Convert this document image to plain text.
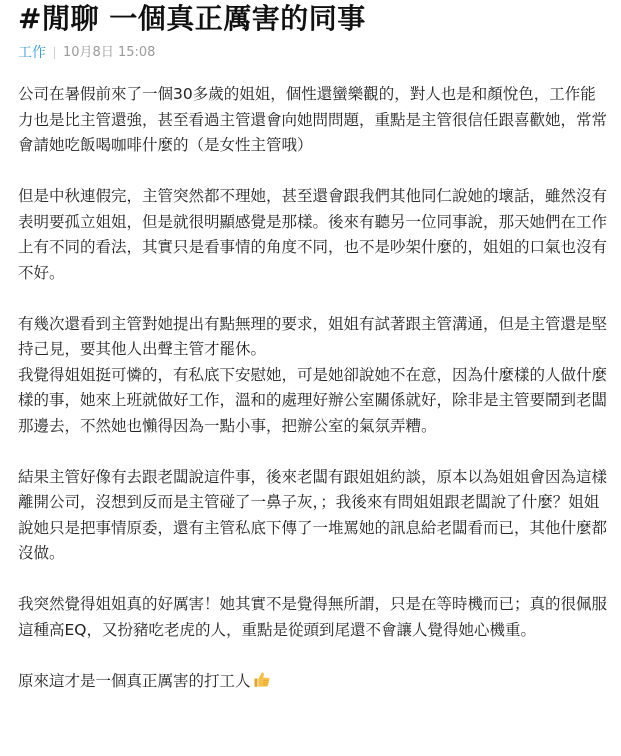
#閒聊 一個真正厲害的同事
工作 10月8日 15:08

公司在暑假前來了一個30多歲的姐姐，個性還蠻樂觀的，對人也是和顏悅色，工作能力也是比主管還強，甚至看過主管還會向她問問題，重點是主管很信任跟喜歡她，常常會請她吃飯喝咖啡什麼的（是女性主管哦）

但是中秋連假完，主管突然都不理她，甚至還會跟我們其他同仁說她的壞話，雖然沒有表明要孤立姐姐，但是就很明顯感覺是那樣。後來有聽另一位同事說，那天她們在工作上有不同的看法，其實只是看事情的角度不同，也不是吵架什麼的，姐姐的口氣也沒有不好。

有幾次還看到主管對她提出有點無理的要求，姐姐有試著跟主管溝通，但是主管還是堅持己見，要其他人出聲主管才罷休。

我覺得姐姐挺可憐的，有私底下安慰她，可是她卻說她不在意，因為什麼樣的人做什麼樣的事，她來上班就做好工作，溫和的處理好辦公室關係就好，除非是主管要鬧到老闆那邊去，不然她也懶得因為一點小事，把辦公室的氣氛弄糟。

結果主管好像有去跟老闆說這件事，後來老闆有跟姐姐約談，原本以為姐姐會因為這樣離開公司，沒想到反而是主管碰了一鼻子灰，；我後來有問姐姐跟老闆說了什麼？姐姐說她只是把事情原委，還有主管私底下傳了一堆罵她的訊息給老闆看而已，其他什麼都沒做。

我突然覺得姐姐真的好厲害！她其實不是覺得無所謂，只是在等時機而已；真的很佩服這種高EQ，又扮豬吃老虎的人，重點是從頭到尾還不會讓人覺得她心機重。

原來這才是一個真正厲害的打工人
